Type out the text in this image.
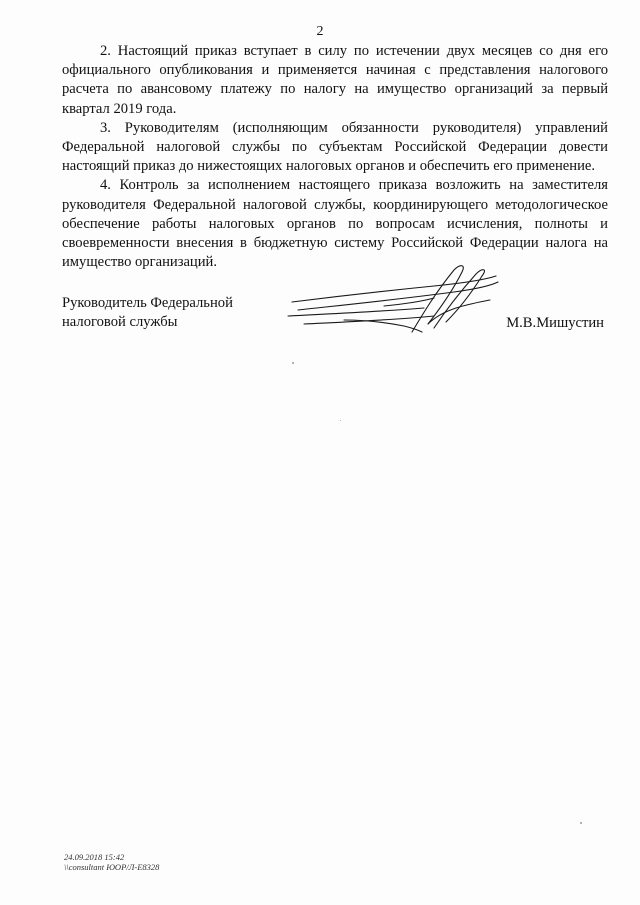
2

2. Настоящий приказ вступает в силу по истечении двух месяцев со дня его официального опубликования и применяется начиная с представления налогового расчета по авансовому платежу по налогу на имущество организаций за первый квартал 2019 года.

3. Руководителям (исполняющим обязанности руководителя) управлений Федеральной налоговой службы по субъектам Российской Федерации довести настоящий приказ до нижестоящих налоговых органов и обеспечить его применение.

4. Контроль за исполнением настоящего приказа возложить на заместителя руководителя Федеральной налоговой службы, координирующего методологическое обеспечение работы налоговых органов по вопросам исчисления, полноты и своевременности внесения в бюджетную систему Российской Федерации налога на имущество организаций.

Руководитель Федеральной
налоговой службы	М.В.Мишустин
24.09.2018 15:42
\\consultant ЮОР/Л-Е8328
